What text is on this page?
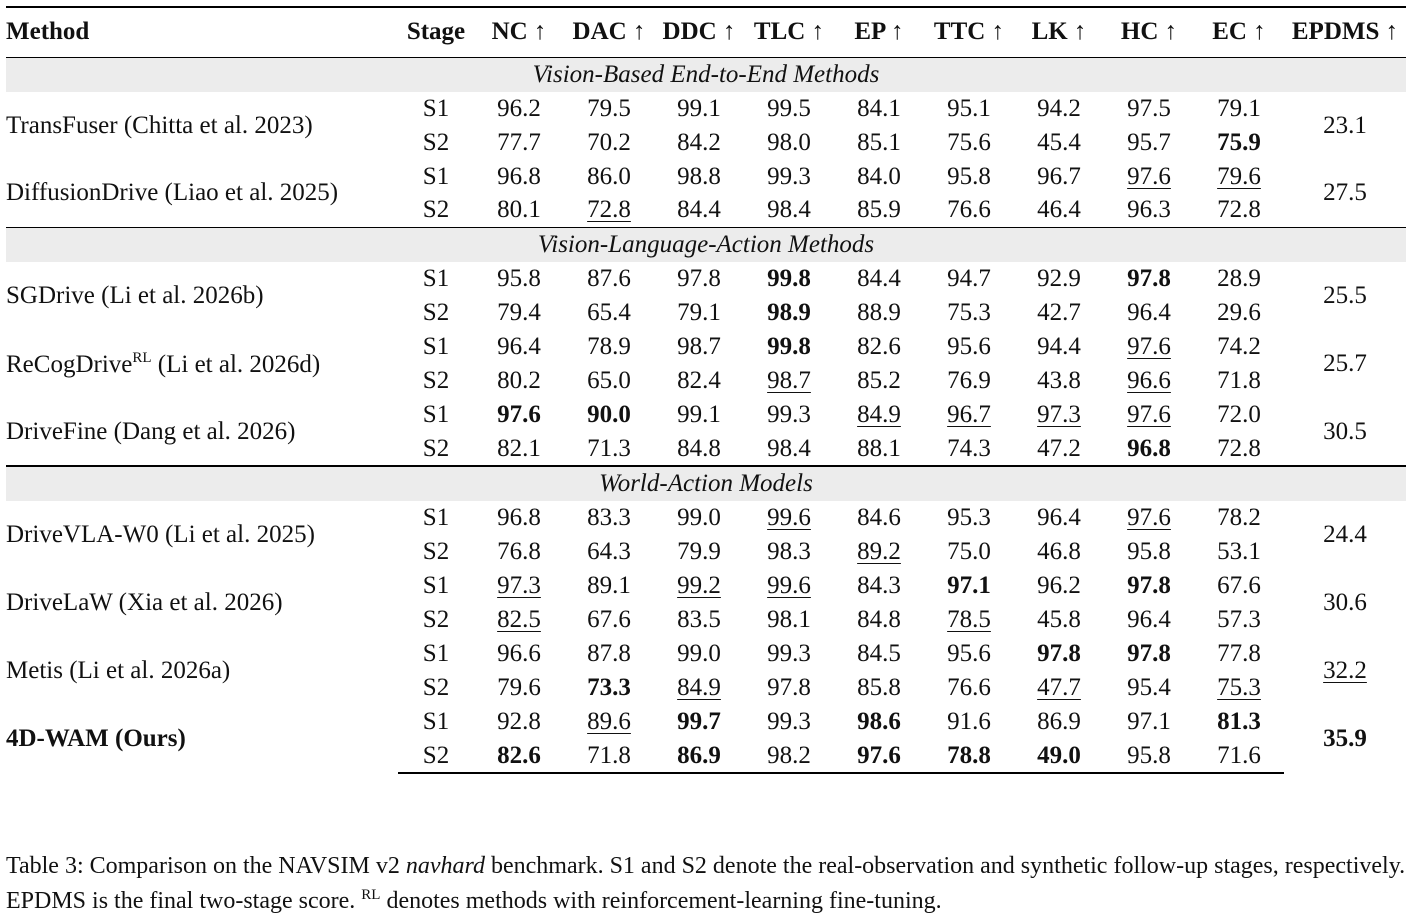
Method	Stage	NC ↑	DAC ↑	DDC ↑	TLC ↑	EP ↑	TTC ↑	LK ↑	HC ↑	EC ↑	EPDMS ↑
Vision-Based End-to-End Methods											
TransFuser (Chitta et al. 2023)	S1	96.2	79.5	99.1	99.5	84.1	95.1	94.2	97.5	79.1	23.1
	S2	77.7	70.2	84.2	98.0	85.1	75.6	45.4	95.7	75.9	
DiffusionDrive (Liao et al. 2025)	S1	96.8	86.0	98.8	99.3	84.0	95.8	96.7	97.6	79.6	27.5
	S2	80.1	72.8	84.4	98.4	85.9	76.6	46.4	96.3	72.8	
Vision-Language-Action Methods											
SGDrive (Li et al. 2026b)	S1	95.8	87.6	97.8	99.8	84.4	94.7	92.9	97.8	28.9	25.5
	S2	79.4	65.4	79.1	98.9	88.9	75.3	42.7	96.4	29.6	
ReCogDrive$^{RL}$ (Li et al. 2026d)	S1	96.4	78.9	98.7	99.8	82.6	95.6	94.4	97.6	74.2	25.7
	S2	80.2	65.0	82.4	98.7	85.2	76.9	43.8	96.6	71.8	
DriveFine (Dang et al. 2026)	S1	97.6	90.0	99.1	99.3	84.9	96.7	97.3	97.6	72.0	30.5
	S2	82.1	71.3	84.8	98.4	88.1	74.3	47.2	96.8	72.8	
World-Action Models											
DriveVLA-W0 (Li et al. 2025)	S1	96.8	83.3	99.0	99.6	84.6	95.3	96.4	97.6	78.2	24.4
	S2	76.8	64.3	79.9	98.3	89.2	75.0	46.8	95.8	53.1	
DriveLaW (Xia et al. 2026)	S1	97.3	89.1	99.2	99.6	84.3	97.1	96.2	97.8	67.6	30.6
	S2	82.5	67.6	83.5	98.1	84.8	78.5	45.8	96.4	57.3	
Metis (Li et al. 2026a)	S1	96.6	87.8	99.0	99.3	84.5	95.6	97.8	97.8	77.8	32.2
	S2	79.6	73.3	84.9	97.8	85.8	76.6	47.7	95.4	75.3	
4D-WAM (Ours)	S1	92.8	89.6	99.7	99.3	98.6	91.6	86.9	97.1	81.3	35.9
	S2	82.6	71.8	86.9	98.2	97.6	78.8	49.0	95.8	71.6	
Table 3: Comparison on the NAVSIM v2 navhard benchmark. S1 and S2 denote the real-observation and synthetic follow-up stages, respectively. EPDMS is the final two-stage score. $^{RL}$ denotes methods with reinforcement-learning fine-tuning.
